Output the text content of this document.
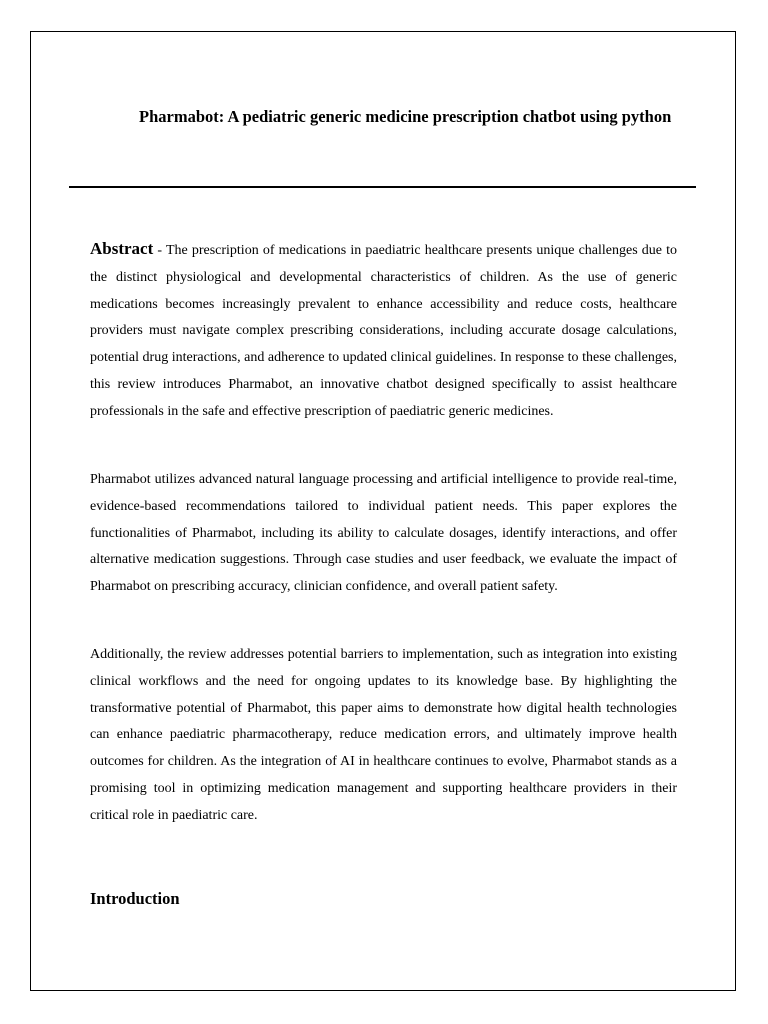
Pharmabot: A pediatric generic medicine prescription chatbot using python

Abstract - The prescription of medications in paediatric healthcare presents unique challenges due to the distinct physiological and developmental characteristics of children. As the use of generic medications becomes increasingly prevalent to enhance accessibility and reduce costs, healthcare providers must navigate complex prescribing considerations, including accurate dosage calculations, potential drug interactions, and adherence to updated clinical guidelines. In response to these challenges, this review introduces Pharmabot, an innovative chatbot designed specifically to assist healthcare professionals in the safe and effective prescription of paediatric generic medicines.

Pharmabot utilizes advanced natural language processing and artificial intelligence to provide real-time, evidence-based recommendations tailored to individual patient needs. This paper explores the functionalities of Pharmabot, including its ability to calculate dosages, identify interactions, and offer alternative medication suggestions. Through case studies and user feedback, we evaluate the impact of Pharmabot on prescribing accuracy, clinician confidence, and overall patient safety.

Additionally, the review addresses potential barriers to implementation, such as integration into existing clinical workflows and the need for ongoing updates to its knowledge base. By highlighting the transformative potential of Pharmabot, this paper aims to demonstrate how digital health technologies can enhance paediatric pharmacotherapy, reduce medication errors, and ultimately improve health outcomes for children. As the integration of AI in healthcare continues to evolve, Pharmabot stands as a promising tool in optimizing medication management and supporting healthcare providers in their critical role in paediatric care.

Introduction
